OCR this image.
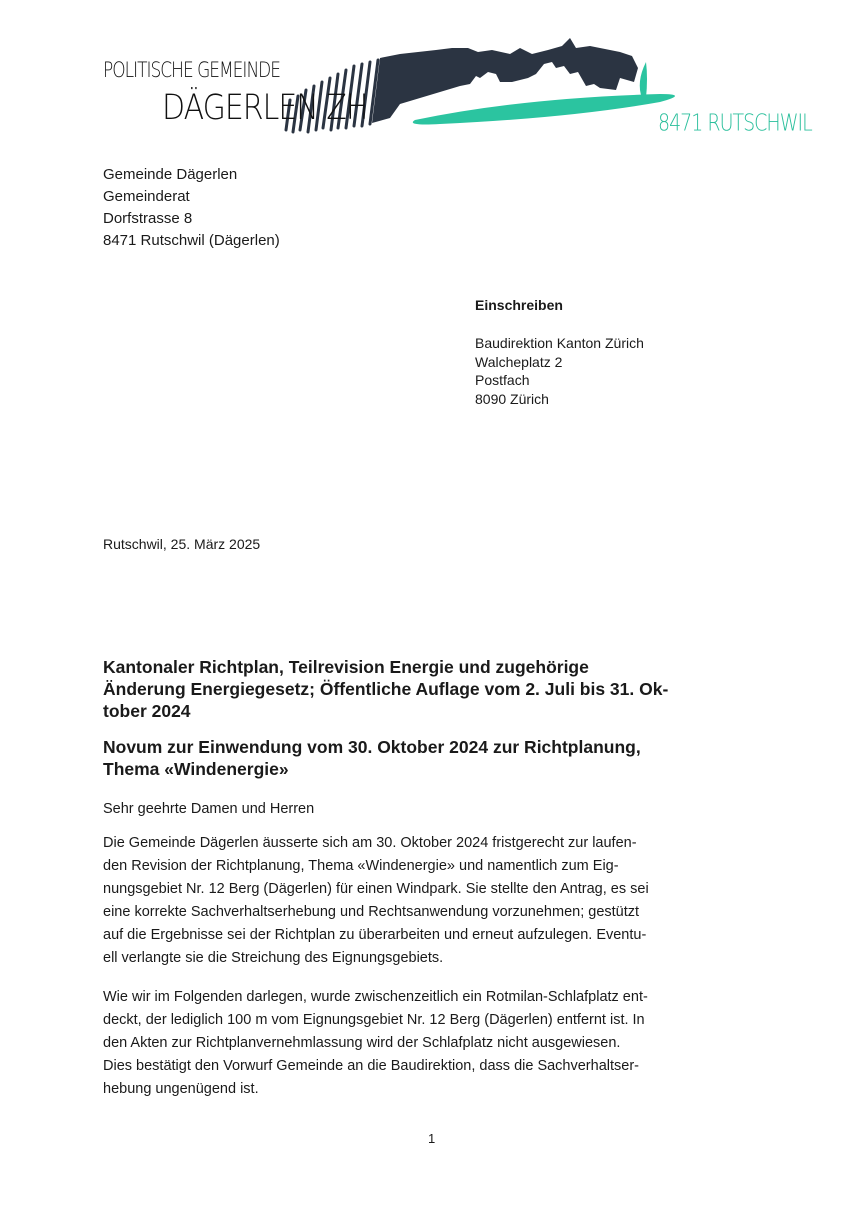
POLITISCHE GEMEINDE
DÄGERLEN ZH	8471 RUTSCHWIL
Gemeinde Dägerlen
Gemeinderat
Dorfstrasse 8
8471 Rutschwil (Dägerlen)
Einschreiben
Baudirektion Kanton Zürich
Walcheplatz 2
Postfach
8090 Zürich
Rutschwil, 25. März 2025
Kantonaler Richtplan, Teilrevision Energie und zugehörige
Änderung Energiegesetz; Öffentliche Auflage vom 2. Juli bis 31. Ok-
tober 2024
Novum zur Einwendung vom 30. Oktober 2024 zur Richtplanung,
Thema «Windenergie»
Sehr geehrte Damen und Herren
Die Gemeinde Dägerlen äusserte sich am 30. Oktober 2024 fristgerecht zur laufen-
den Revision der Richtplanung, Thema «Windenergie» und namentlich zum Eig-
nungsgebiet Nr. 12 Berg (Dägerlen) für einen Windpark. Sie stellte den Antrag, es sei
eine korrekte Sachverhaltserhebung und Rechtsanwendung vorzunehmen; gestützt
auf die Ergebnisse sei der Richtplan zu überarbeiten und erneut aufzulegen. Eventu-
ell verlangte sie die Streichung des Eignungsgebiets.
Wie wir im Folgenden darlegen, wurde zwischenzeitlich ein Rotmilan-Schlafplatz ent-
deckt, der lediglich 100 m vom Eignungsgebiet Nr. 12 Berg (Dägerlen) entfernt ist. In
den Akten zur Richtplanvernehmlassung wird der Schlafplatz nicht ausgewiesen.
Dies bestätigt den Vorwurf Gemeinde an die Baudirektion, dass die Sachverhaltser-
hebung ungenügend ist.
1
